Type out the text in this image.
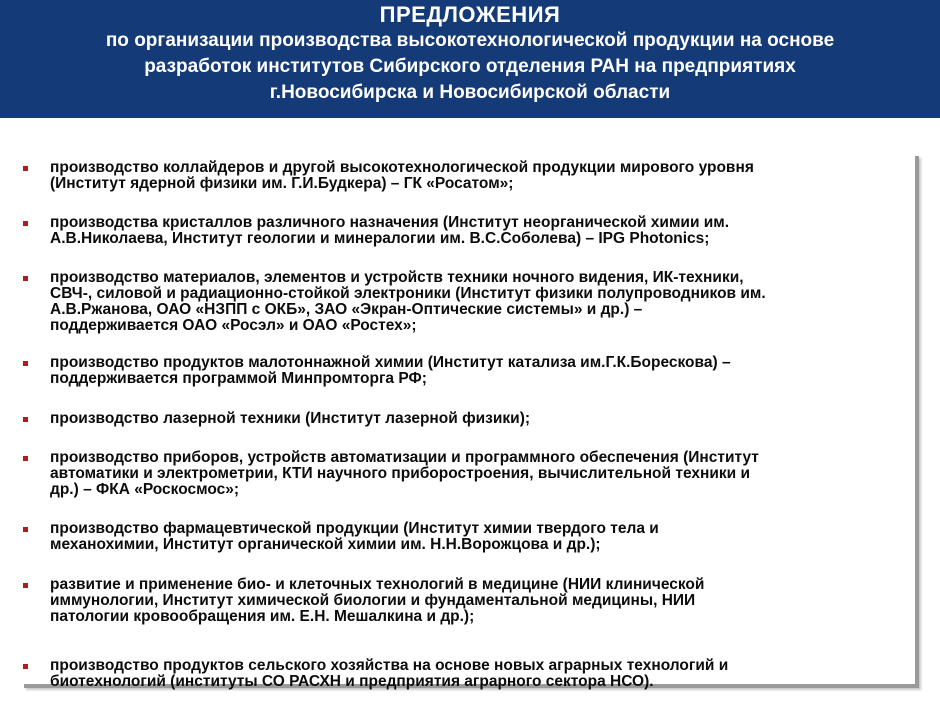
ПРЕДЛОЖЕНИЯ
по организации производства высокотехнологической продукции на основе
разработок институтов Сибирского отделения РАН на предприятиях
г.Новосибирска и Новосибирской области
производство коллайдеров и другой высокотехнологической продукции мирового уровня
(Институт ядерной физики им. Г.И.Будкера) – ГК «Росатом»;
производства кристаллов различного назначения (Институт неорганической химии им.
А.В.Николаева, Институт геологии и минералогии им. В.С.Соболева) – IPG Photonics;
производство материалов, элементов и устройств техники ночного видения, ИК-техники,
СВЧ-, силовой и радиационно-стойкой электроники (Институт физики полупроводников им.
А.В.Ржанова, ОАО «НЗПП с ОКБ», ЗАО «Экран-Оптические системы» и др.) –
поддерживается ОАО «Росэл» и ОАО «Ростех»;
производство продуктов малотоннажной химии (Институт катализа им.Г.К.Борескова) –
поддерживается программой Минпромторга РФ;
производство лазерной техники (Институт лазерной физики);
производство приборов, устройств автоматизации и программного обеспечения (Институт
автоматики и электрометрии, КТИ научного приборостроения, вычислительной техники и
др.) – ФКА «Роскосмос»;
производство фармацевтической продукции (Институт химии твердого тела и
механохимии, Институт органической химии им. Н.Н.Ворожцова и др.);
развитие и применение био- и клеточных технологий в медицине (НИИ клинической
иммунологии, Институт химической биологии и фундаментальной медицины, НИИ
патологии кровообращения им. Е.Н. Мешалкина и др.);
производство продуктов сельского хозяйства на основе новых аграрных технологий и
биотехнологий (институты СО РАСХН и предприятия аграрного сектора НСО).
